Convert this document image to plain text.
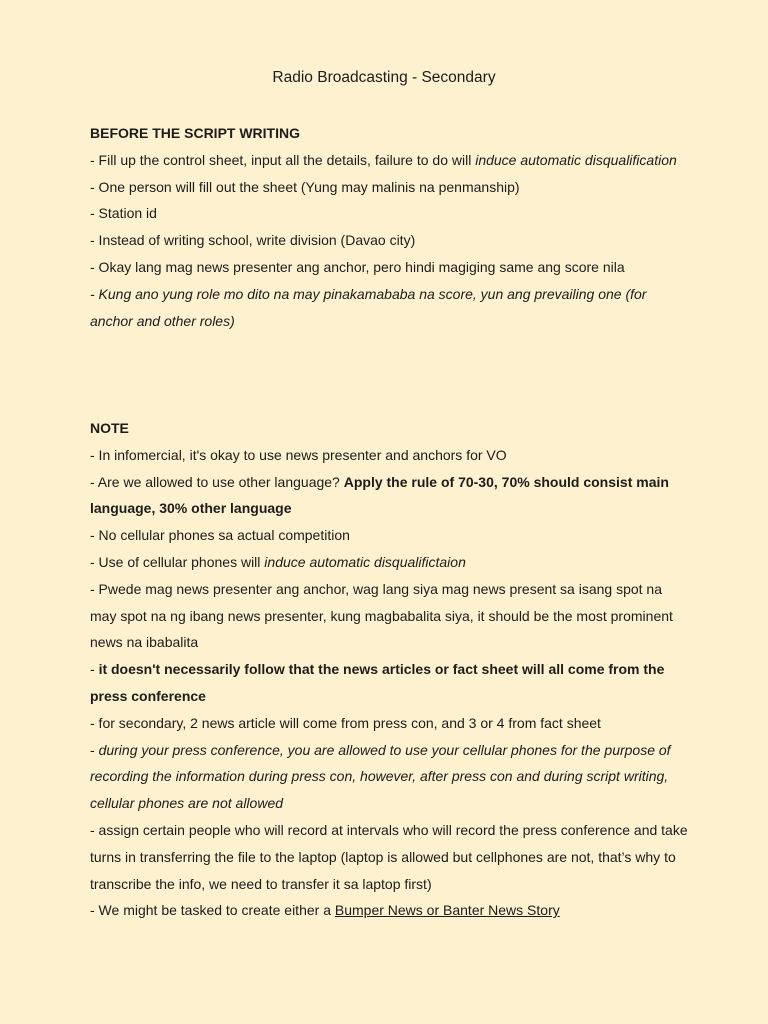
Radio Broadcasting - Secondary
BEFORE THE SCRIPT WRITING

- Fill up the control sheet, input all the details, failure to do will induce automatic disqualification

- One person will fill out the sheet (Yung may malinis na penmanship)

- Station id

- Instead of writing school, write division (Davao city)

- Okay lang mag news presenter ang anchor, pero hindi magiging same ang score nila

- Kung ano yung role mo dito na may pinakamababa na score, yun ang prevailing one (for anchor and other roles)

NOTE

- In infomercial, it's okay to use news presenter and anchors for VO

- Are we allowed to use other language? Apply the rule of 70-30, 70% should consist main language, 30% other language

- No cellular phones sa actual competition

- Use of cellular phones will induce automatic disqualifictaion

- Pwede mag news presenter ang anchor, wag lang siya mag news present sa isang spot na may spot na ng ibang news presenter, kung magbabalita siya, it should be the most prominent news na ibabalita

- it doesn't necessarily follow that the news articles or fact sheet will all come from the press conference

- for secondary, 2 news article will come from press con, and 3 or 4 from fact sheet

- during your press conference, you are allowed to use your cellular phones for the purpose of recording the information during press con, however, after press con and during script writing, cellular phones are not allowed

- assign certain people who will record at intervals who will record the press conference and take turns in transferring the file to the laptop (laptop is allowed but cellphones are not, that’s why to transcribe the info, we need to transfer it sa laptop first)

- We might be tasked to create either a Bumper News or Banter News Story
